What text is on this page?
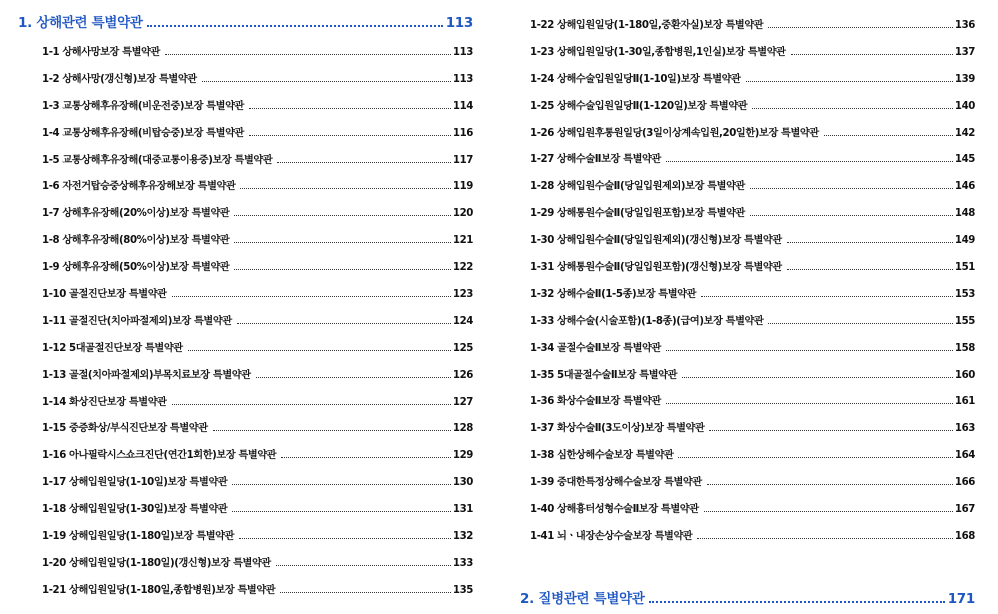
1. 상해관련 특별약관	113
1-1 상해사망보장 특별약관	113
1-2 상해사망(갱신형)보장 특별약관	113
1-3 교통상해후유장해(비운전중)보장 특별약관	114
1-4 교통상해후유장해(비탑승중)보장 특별약관	116
1-5 교통상해후유장해(대중교통이용중)보장 특별약관	117
1-6 자전거탑승중상해후유장해보장 특별약관	119
1-7 상해후유장해(20%이상)보장 특별약관	120
1-8 상해후유장해(80%이상)보장 특별약관	121
1-9 상해후유장해(50%이상)보장 특별약관	122
1-10 골절진단보장 특별약관	123
1-11 골절진단(치아파절제외)보장 특별약관	124
1-12 5대골절진단보장 특별약관	125
1-13 골절(치아파절제외)부목치료보장 특별약관	126
1-14 화상진단보장 특별약관	127
1-15 중증화상/부식진단보장 특별약관	128
1-16 아나필락시스쇼크진단(연간1회한)보장 특별약관	129
1-17 상해입원일당(1-10일)보장 특별약관	130
1-18 상해입원일당(1-30일)보장 특별약관	131
1-19 상해입원일당(1-180일)보장 특별약관	132
1-20 상해입원일당(1-180일)(갱신형)보장 특별약관	133
1-21 상해입원일당(1-180일,종합병원)보장 특별약관	135
1-22 상해입원일당(1-180일,중환자실)보장 특별약관	136
1-23 상해입원일당(1-30일,종합병원,1인실)보장 특별약관	137
1-24 상해수술입원일당Ⅱ(1-10일)보장 특별약관	139
1-25 상해수술입원일당Ⅱ(1-120일)보장 특별약관	140
1-26 상해입원후통원일당(3일이상계속입원,20일한)보장 특별약관	142
1-27 상해수술Ⅱ보장 특별약관	145
1-28 상해입원수술Ⅱ(당일입원제외)보장 특별약관	146
1-29 상해통원수술Ⅱ(당일입원포함)보장 특별약관	148
1-30 상해입원수술Ⅱ(당일입원제외)(갱신형)보장 특별약관	149
1-31 상해통원수술Ⅱ(당일입원포함)(갱신형)보장 특별약관	151
1-32 상해수술Ⅱ(1-5종)보장 특별약관	153
1-33 상해수술(시술포함)(1-8종)(급여)보장 특별약관	155
1-34 골절수술Ⅱ보장 특별약관	158
1-35 5대골절수술Ⅱ보장 특별약관	160
1-36 화상수술Ⅱ보장 특별약관	161
1-37 화상수술Ⅱ(3도이상)보장 특별약관	163
1-38 심한상해수술보장 특별약관	164
1-39 중대한특정상해수술보장 특별약관	166
1-40 상해흉터성형수술Ⅱ보장 특별약관	167
1-41 뇌ㆍ내장손상수술보장 특별약관	168
2. 질병관련 특별약관	171
